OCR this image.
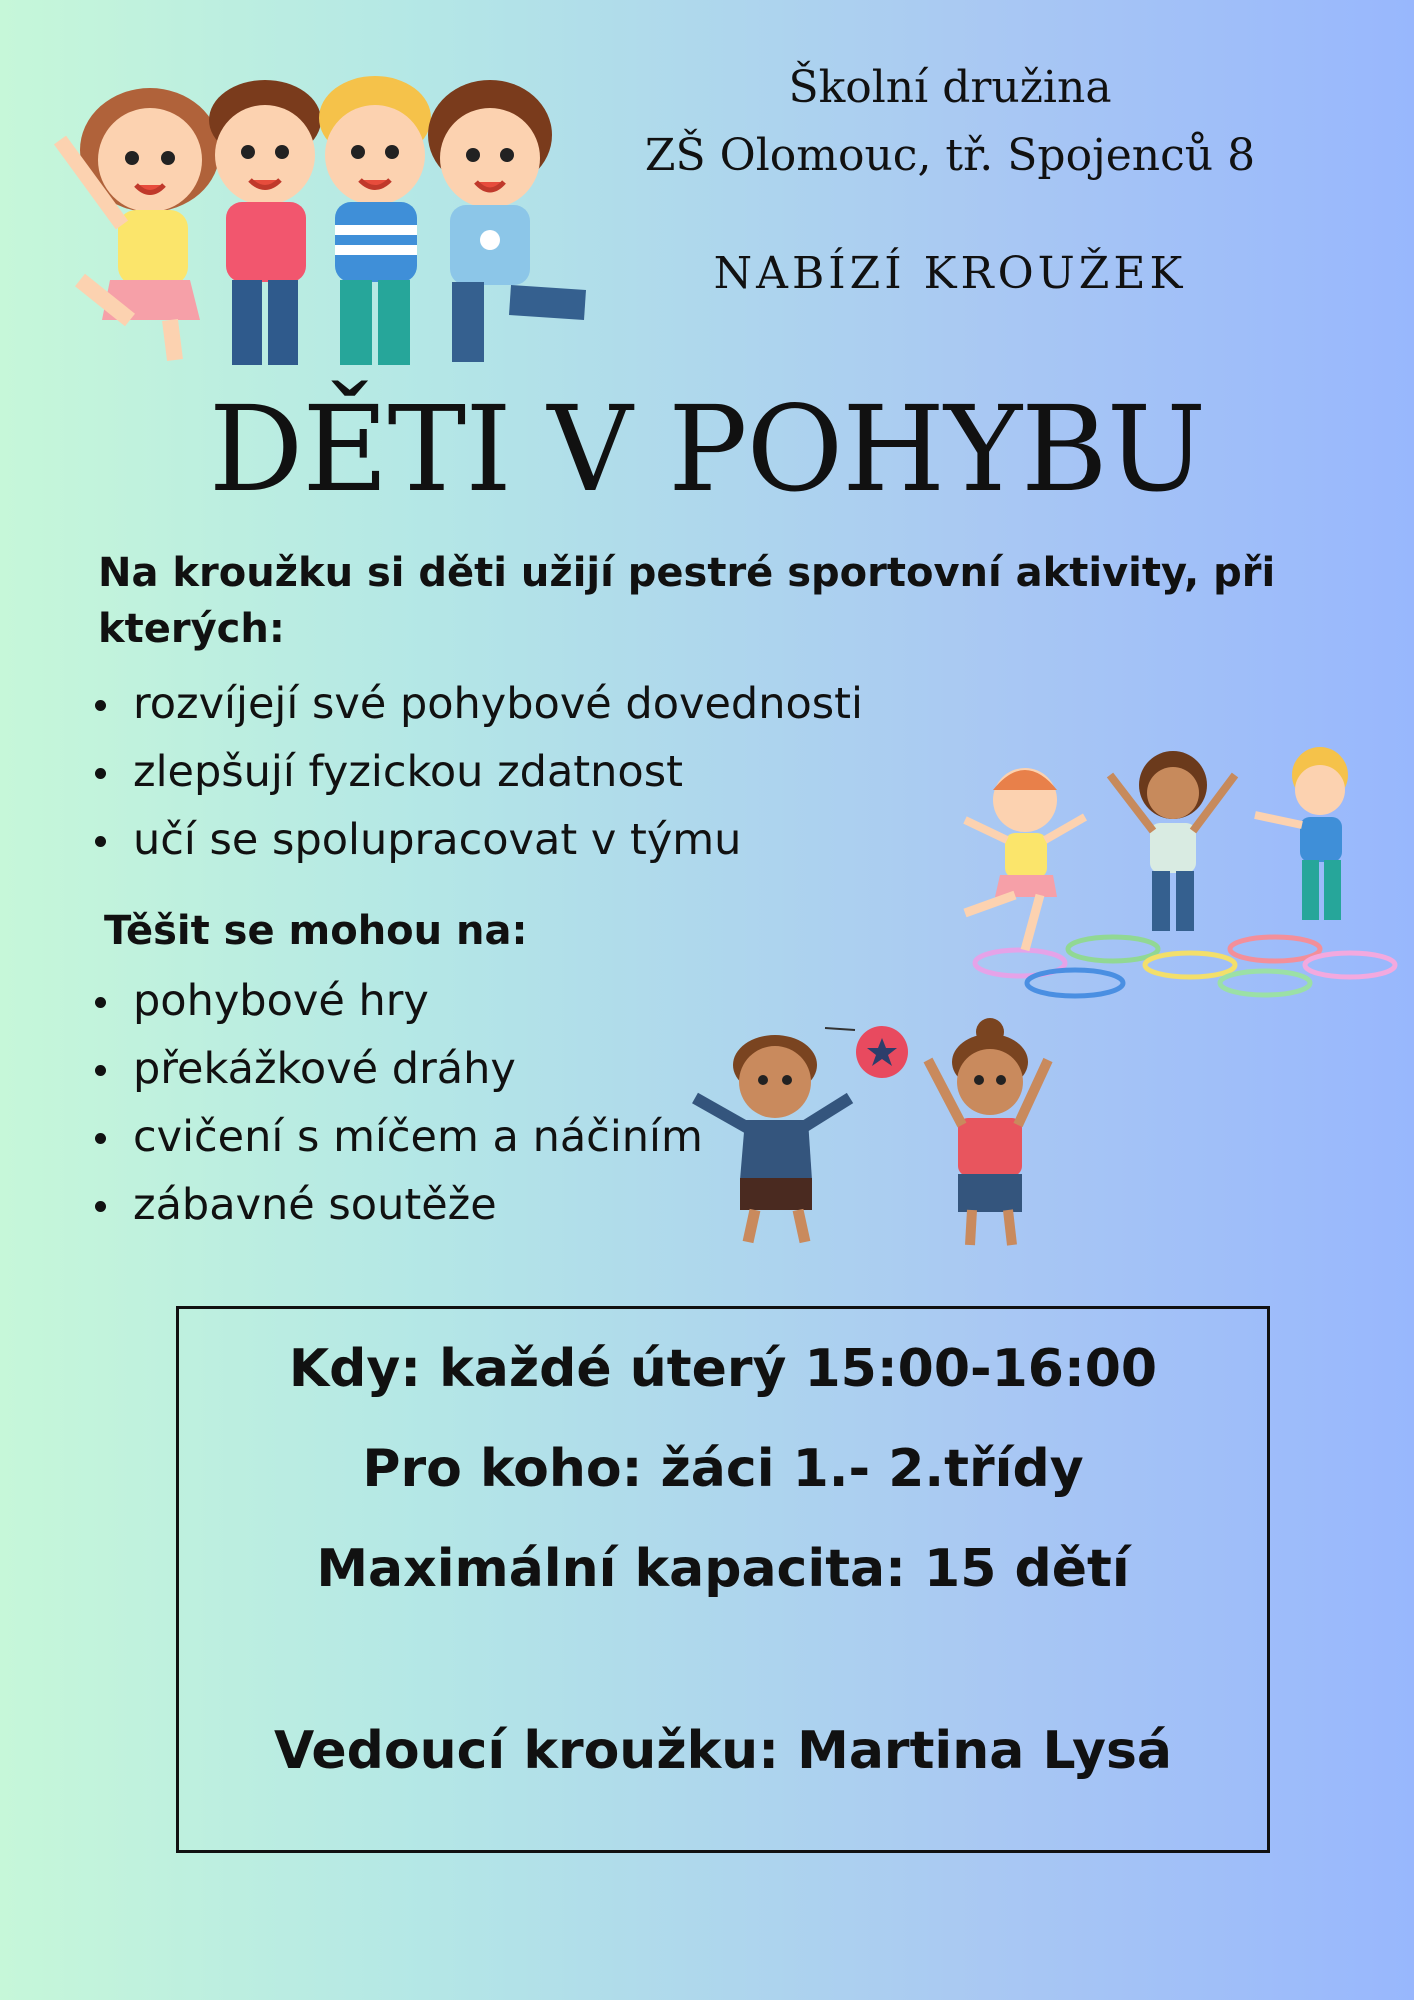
Školní družina
ZŠ Olomouc, tř. Spojenců 8
NABÍZÍ KROUŽEK
DĚTI V POHYBU
Na kroužku si děti užijí pestré sportovní aktivity, při kterých:
rozvíjejí své pohybové dovednosti
zlepšují fyzickou zdatnost
učí se spolupracovat v týmu
Těšit se mohou na:
pohybové hry
překážkové dráhy
cvičení s míčem a náčiním
zábavné soutěže
Kdy: každé úterý 15:00-16:00
Pro koho: žáci 1.- 2.třídy
Maximální kapacita: 15 dětí
Vedoucí kroužku: Martina Lysá
